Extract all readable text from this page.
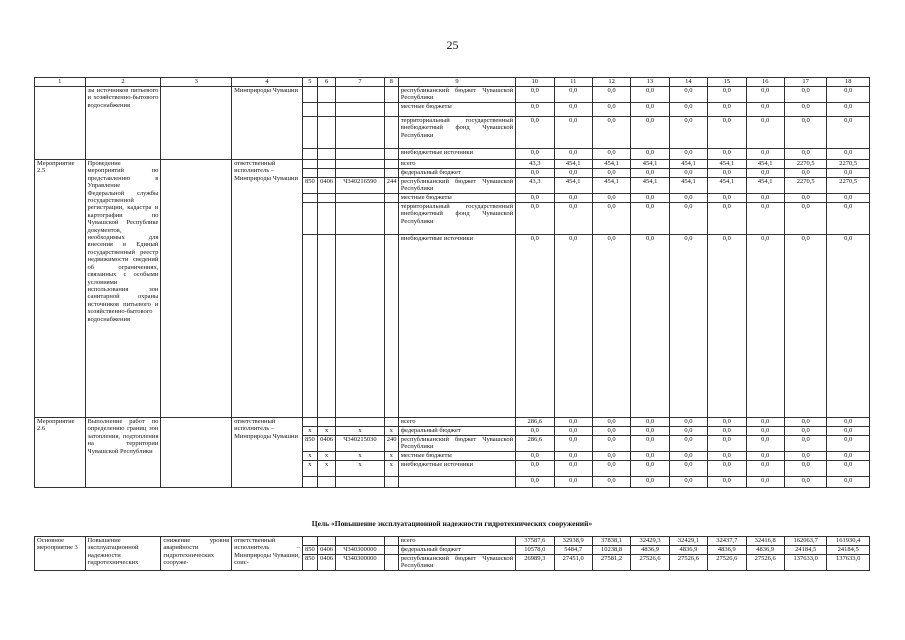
25
1	2	3	4	5	6	7	8	9	10	11	12	13	14	15	16	17	18
	зы источников питьевого и хозяйственно-бытового водоснабжения		Минприроды Чувашии					республиканский бюджет Чувашской Республики	0,0	0,0	0,0	0,0	0,0	0,0	0,0	0,0	0,0
								местные бюджеты	0,0	0,0	0,0	0,0	0,0	0,0	0,0	0,0	0,0
								территориальный государственный внебюджетный фонд Чувашской Республики	0,0	0,0	0,0	0,0	0,0	0,0	0,0	0,0	0,0
								внебюджетные источники	0,0	0,0	0,0	0,0	0,0	0,0	0,0	0,0	0,0
Мероприятие 2.5	Проведение мероприятий по представлению в Управление Федеральной службы государственной регистрации, кадастра и картографии по Чувашской Республике документов, необходимых для внесения в Единый государственный реестр недвижимости сведений об ограничениях, связанных с особыми условиями использования зон санитарной охраны источников питьевого и хозяйственно-бытового водоснабжения		ответственный исполнитель – Минприроды Чувашии					всего	43,3	454,1	454,1	454,1	454,1	454,1	454,1	2270,5	2270,5
								федеральный бюджет	0,0	0,0	0,0	0,0	0,0	0,0	0,0	0,0	0,0
				850	0406	Ч340216590	244	республиканский бюджет Чувашской Республики	43,3	454,1	454,1	454,1	454,1	454,1	454,1	2270,5	2270,5
								местные бюджеты	0,0	0,0	0,0	0,0	0,0	0,0	0,0	0,0	0,0
								территориальный государственный внебюджетный фонд Чувашской Республики	0,0	0,0	0,0	0,0	0,0	0,0	0,0	0,0	0,0
								внебюджетные источники	0,0	0,0	0,0	0,0	0,0	0,0	0,0	0,0	0,0
Мероприятие 2.6	Выполнение работ по определению границ зон затопления, подтопления на территории Чувашской Республики		ответственный исполнитель – Минприроды Чувашии					всего	286,6	0,0	0,0	0,0	0,0	0,0	0,0	0,0	0,0
				x	x	x	x	федеральный бюджет	0,0	0,0	0,0	0,0	0,0	0,0	0,0	0,0	0,0
				850	0406	Ч340215030	240	республиканский бюджет Чувашской Республики	286,6	0,0	0,0	0,0	0,0	0,0	0,0	0,0	0,0
				x	x	x	x	местные бюджеты	0,0	0,0	0,0	0,0	0,0	0,0	0,0	0,0	0,0
				x	x	x	x	внебюджетные источники	0,0	0,0	0,0	0,0	0,0	0,0	0,0	0,0	0,0
									0,0	0,0	0,0	0,0	0,0	0,0	0,0	0,0	0,0
Цель «Повышение эксплуатационной надежности гидротехнических сооружений»
Основное мероприятие 3	Повышение эксплуатационной надежности гидротехнических	снижение уровня аварийности гидротехнических сооруже-	ответственный исполнитель – Минприроды Чувашии, соис-					всего	37587,6	32938,9	37838,1	32429,3	32429,1	32437,7	32416,8	162063,7	161930,4
				850	0406	Ч340300000		федеральный бюджет	10578,0	5484,7	10238,8	4836,9	4836,9	4836,9	4836,9	24184,5	24184,5
				850	0406	Ч340300000		республиканский бюджет Чувашской Республики	26989,3	27451,0	27581,2	27526,6	27526,6	27526,6	27526,6	137633,0	137633,0
